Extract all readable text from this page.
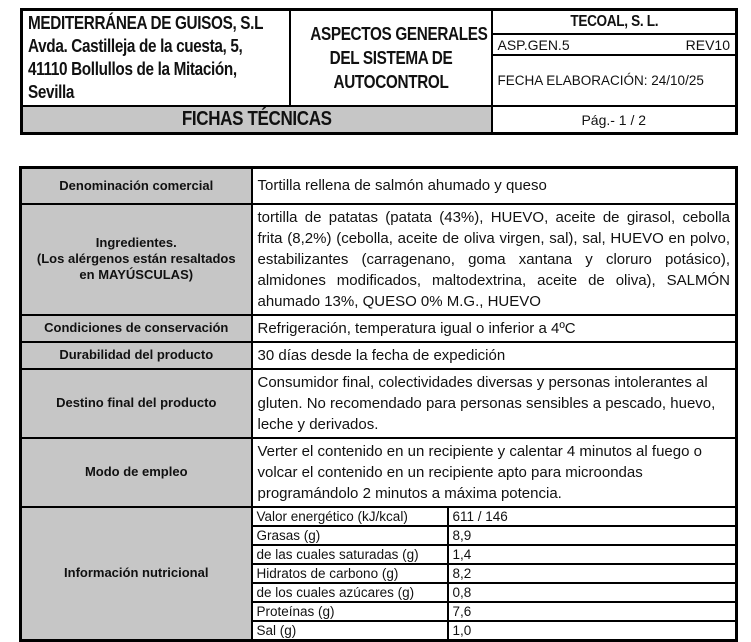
MEDITERRÁNEA DE GUISOS, S.L
Avda. Castilleja de la cuesta, 5,
41110 Bollullos de la Mitación,
Sevilla

ASPECTOS GENERALES
DEL SISTEMA DE
AUTOCONTROL

TECOAL, S. L.

		ASP.GEN.5 REV10

		FECHA ELABORACIÓN: 24/10/25

FICHAS TÉCNICAS		Pág.- 1 / 2
Denominación comercial	Tortilla rellena de salmón ahumado y queso	

Ingredientes.
(Los alérgenos están resaltados
en MAYÚSCULAS)
	tortilla de patatas (patata (43%), HUEVO, aceite de girasol, cebolla frita (8,2%) (cebolla, aceite de oliva virgen, sal), sal, HUEVO en polvo, estabilizantes (carragenano, goma xantana y cloruro potásico), almidones modificados, maltodextrina, aceite de oliva), SALMÓN ahumado 13%, QUESO 0% M.G., HUEVO
Condiciones de conservación	Refrigeración, temperatura igual o inferior a 4ºC	
Durabilidad del producto	30 días desde la fecha de expedición	
Destino final del producto	Consumidor final, colectividades diversas y personas intolerantes al gluten. No recomendado para personas sensibles a pescado, huevo, leche y derivados.	
Modo de empleo	Verter el contenido en un recipiente y calentar 4 minutos al fuego o volcar el contenido en un recipiente apto para microondas programándolo 2 minutos a máxima potencia.	
Información nutricional	Valor energético (kJ/kcal)	611 / 146
	Grasas (g)	8,9
	de las cuales saturadas (g)	1,4
	Hidratos de carbono (g)	8,2
	de los cuales azúcares (g)	0,8
	Proteínas (g)	7,6
	Sal (g)	1,0
